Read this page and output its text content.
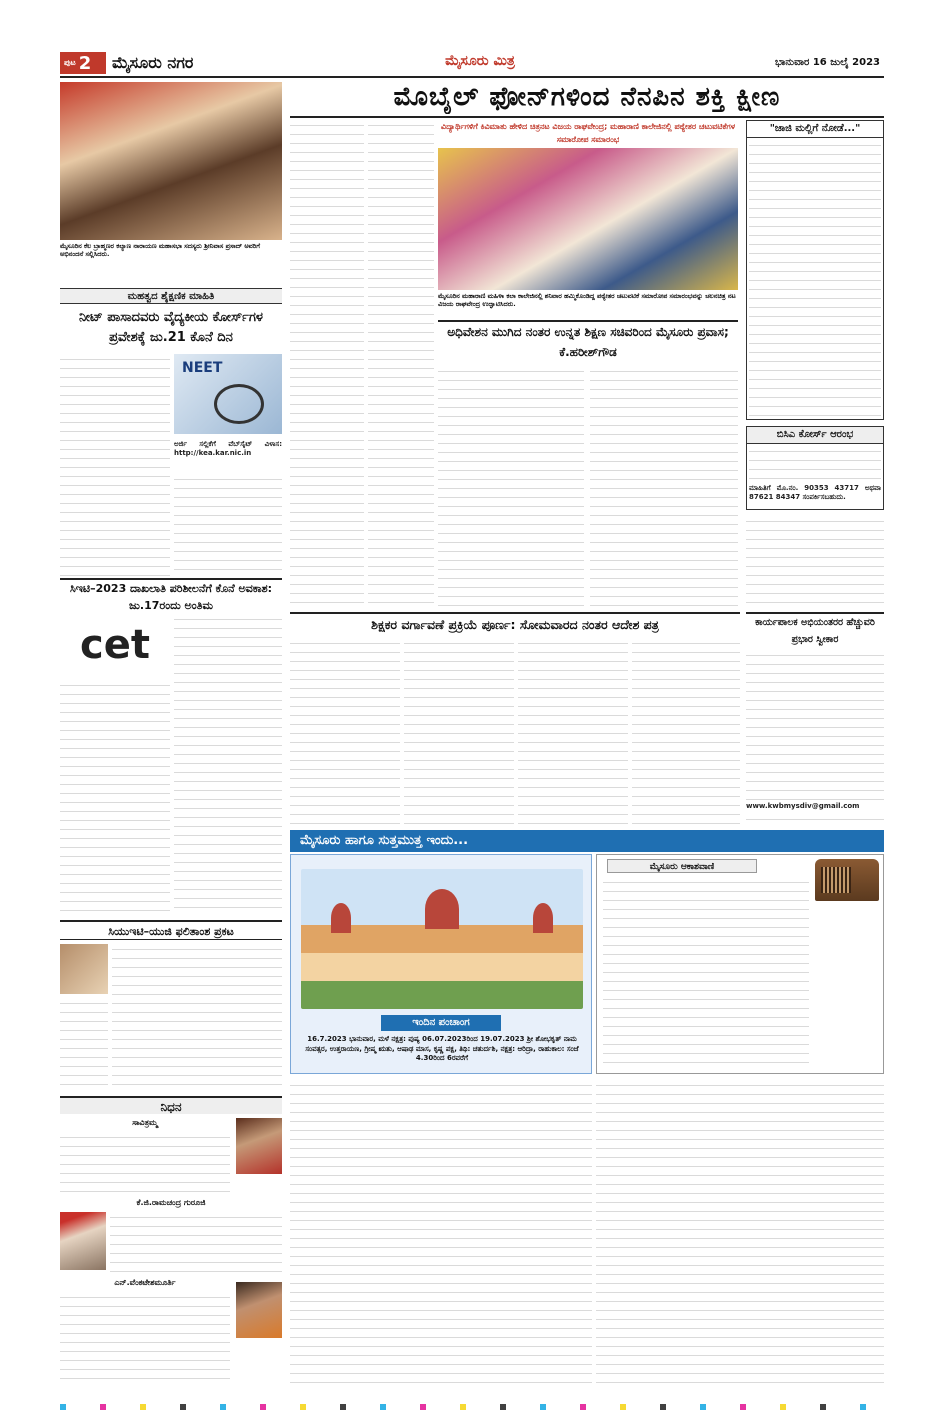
ಪುಟ 2 ಮೈಸೂರು ನಗರ	ಮೈಸೂರು ಮಿತ್ರ	ಭಾನುವಾರ 16 ಜುಲೈ 2023
ಮೈಸೂರಿನ ಕೆಲ ಬ್ರಾಹ್ಮಣರ ಕಲ್ಯಾಣ ನಾರಾಯಣ ಮಹಾಸಭಾ ಸದಸ್ಯರು ಶ್ರೀನಿವಾಸ ಪ್ರಸಾದ್ ಅವರಿಗೆ ಅಭಿನಂದನೆ ಸಲ್ಲಿಸಿದರು.
ಮಹತ್ವದ ಶೈಕ್ಷಣಿಕ ಮಾಹಿತಿ
ನೀಟ್ ಪಾಸಾದವರು ವೈದ್ಯಕೀಯ ಕೋರ್ಸ್‌ಗಳ ಪ್ರವೇಶಕ್ಕೆ ಜು.21 ಕೊನೆ ದಿನ
NEET
ಅರ್ಜಿ ಸಲ್ಲಿಕೆಗೆ ವೆಬ್‌ಸೈಟ್ ವಿಳಾಸ: http://kea.kar.nic.in
ಸಿಇಟಿ–2023 ದಾಖಲಾತಿ ಪರಿಶೀಲನೆಗೆ ಕೊನೆ ಅವಕಾಶ: ಜು.17ರಂದು ಅಂತಿಮ
cet
ಸಿಯುಇಟಿ–ಯುಜಿ ಫಲಿತಾಂಶ ಪ್ರಕಟ
ನಿಧನ
ಸಾವಿತ್ರಮ್ಮ
ಕೆ.ಜಿ.ರಾಮಚಂದ್ರ ಗುರೂಜಿ
ಎನ್.ವೆಂಕಟೇಶಮೂರ್ತಿ
ಮೊಬೈಲ್ ಫೋನ್‌ಗಳಿಂದ ನೆನಪಿನ ಶಕ್ತಿ ಕ್ಷೀಣ
ವಿದ್ಯಾರ್ಥಿಗಳಿಗೆ ಕಿವಿಮಾತು ಹೇಳಿದ ಚಿತ್ರನಟ ವಿಜಯ ರಾಘವೇಂದ್ರ; ಮಹಾರಾಣಿ ಕಾಲೇಜಿನಲ್ಲಿ ಪಠ್ಯೇತರ ಚಟುವಟಿಕೆಗಳ ಸಮಾರೋಪ ಸಮಾರಂಭ
ಮೈಸೂರಿನ ಮಹಾರಾಣಿ ಮಹಿಳಾ ಕಲಾ ಕಾಲೇಜಿನಲ್ಲಿ ಶನಿವಾರ ಹಮ್ಮಿಕೊಂಡಿದ್ದ ಪಠ್ಯೇತರ ಚಟುವಟಿಕೆ ಸಮಾರೋಪ ಸಮಾರಂಭವನ್ನು ಚಲನಚಿತ್ರ ನಟ ವಿಜಯ ರಾಘವೇಂದ್ರ ಉದ್ಘಾಟಿಸಿದರು.
ಅಧಿವೇಶನ ಮುಗಿದ ನಂತರ ಉನ್ನತ ಶಿಕ್ಷಣ ಸಚಿವರಿಂದ ಮೈಸೂರು ಪ್ರವಾಸ; ಕೆ.ಹರೀಶ್‌ಗೌಡ
"ಜಾಜಿ ಮಲ್ಲಿಗೆ ನೋಡೆ..."
ಬಿಸಿಎ ಕೋರ್ಸ್ ಆರಂಭ
ಮಾಹಿತಿಗೆ ಮೊ.ನಂ. 90353 43717 ಅಥವಾ 87621 84347 ಸಂಪರ್ಕಿಸಬಹುದು.
ಶಿಕ್ಷಕರ ವರ್ಗಾವಣೆ ಪ್ರಕ್ರಿಯೆ ಪೂರ್ಣ: ಸೋಮವಾರದ ನಂತರ ಆದೇಶ ಪತ್ರ	ಕಾರ್ಯಪಾಲಕ ಅಭಿಯಂತರರ ಹೆಚ್ಚುವರಿ ಪ್ರಭಾರ ಸ್ವೀಕಾರ
www.kwbmysdiv@gmail.com
ಮೈಸೂರು ಹಾಗೂ ಸುತ್ತಮುತ್ತ ಇಂದು...
ಇಂದಿನ ಪಂಚಾಂಗ
16.7.2023 ಭಾನುವಾರ, ಮಳೆ ನಕ್ಷತ್ರ: ಪುಷ್ಯ 06.07.2023ರಿಂದ 19.07.2023 ಶ್ರೀ ಶೋಭಕೃತ್ ನಾಮ ಸಂವತ್ಸರ, ಉತ್ತರಾಯಣ, ಗ್ರೀಷ್ಮ ಋತು, ಆಷಾಢ ಮಾಸ, ಕೃಷ್ಣ ಪಕ್ಷ, ತಿಥಿ: ಚತುರ್ದಶಿ, ನಕ್ಷತ್ರ: ಆರಿದ್ರಾ, ರಾಹುಕಾಲ: ಸಂಜೆ 4.30ರಿಂದ 6ರವರೆಗೆ
ಮೈಸೂರು ಆಕಾಶವಾಣಿ
